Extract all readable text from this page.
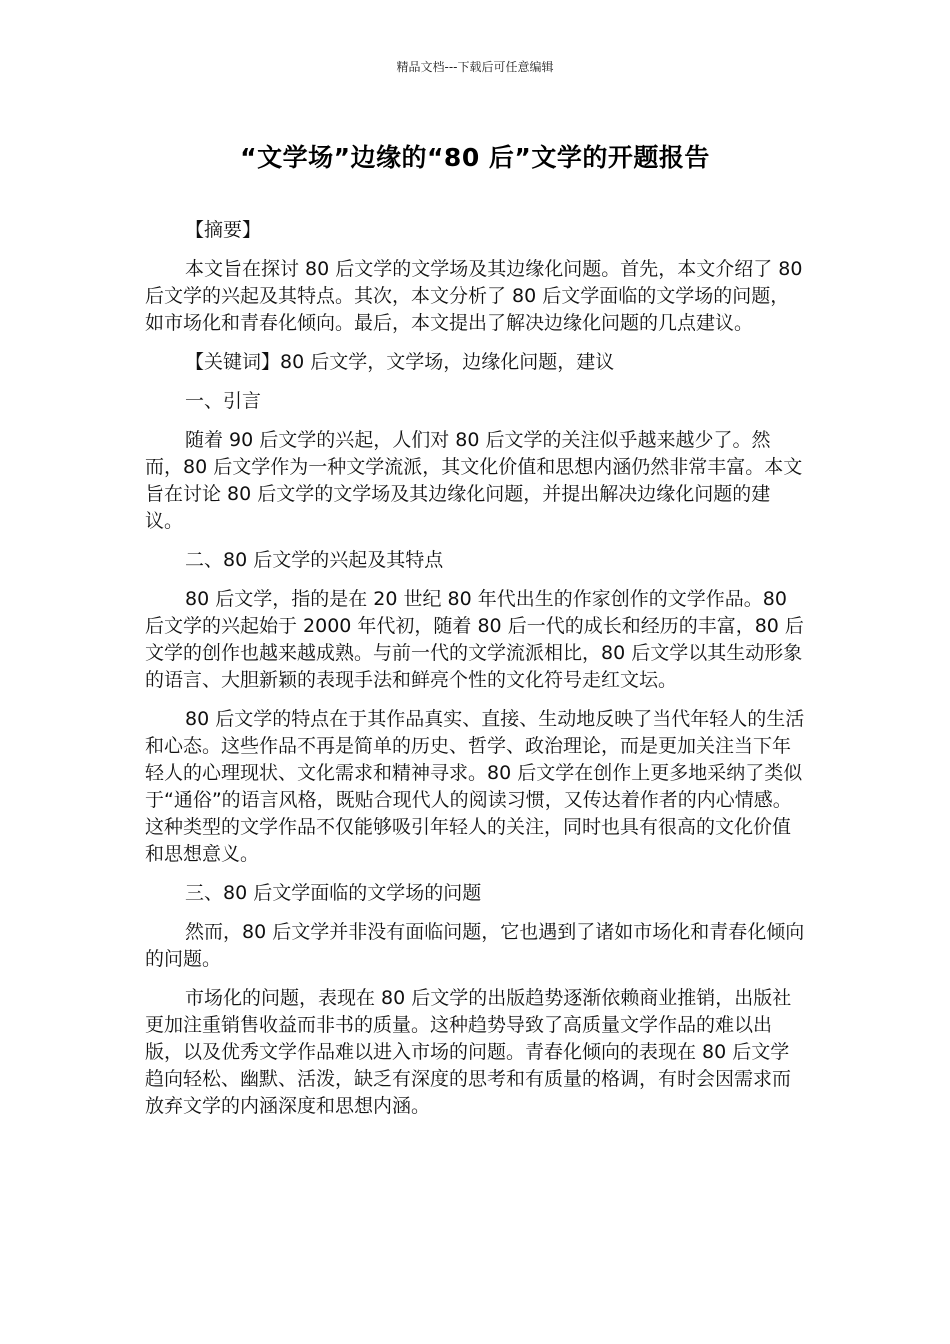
精品文档---下载后可任意编辑
“文学场”边缘的“80 后”文学的开题报告

【摘要】

本文旨在探讨 80 后文学的文学场及其边缘化问题。首先，本文介绍了 80 后文学的兴起及其特点。其次，本文分析了 80 后文学面临的文学场的问题，如市场化和青春化倾向。最后，本文提出了解决边缘化问题的几点建议。

【关键词】80 后文学，文学场，边缘化问题，建议

一、引言

随着 90 后文学的兴起，人们对 80 后文学的关注似乎越来越少了。然而，80 后文学作为一种文学流派，其文化价值和思想内涵仍然非常丰富。本文旨在讨论 80 后文学的文学场及其边缘化问题，并提出解决边缘化问题的建议。

二、80 后文学的兴起及其特点

80 后文学，指的是在 20 世纪 80 年代出生的作家创作的文学作品。80 后文学的兴起始于 2000 年代初，随着 80 后一代的成长和经历的丰富，80 后文学的创作也越来越成熟。与前一代的文学流派相比，80 后文学以其生动形象的语言、大胆新颖的表现手法和鲜亮个性的文化符号走红文坛。

80 后文学的特点在于其作品真实、直接、生动地反映了当代年轻人的生活和心态。这些作品不再是简单的历史、哲学、政治理论，而是更加关注当下年轻人的心理现状、文化需求和精神寻求。80 后文学在创作上更多地采纳了类似于“通俗”的语言风格，既贴合现代人的阅读习惯，又传达着作者的内心情感。这种类型的文学作品不仅能够吸引年轻人的关注，同时也具有很高的文化价值和思想意义。

三、80 后文学面临的文学场的问题

然而，80 后文学并非没有面临问题，它也遇到了诸如市场化和青春化倾向的问题。

市场化的问题，表现在 80 后文学的出版趋势逐渐依赖商业推销，出版社更加注重销售收益而非书的质量。这种趋势导致了高质量文学作品的难以出版，以及优秀文学作品难以进入市场的问题。青春化倾向的表现在 80 后文学趋向轻松、幽默、活泼，缺乏有深度的思考和有质量的格调，有时会因需求而放弃文学的内涵深度和思想内涵。
